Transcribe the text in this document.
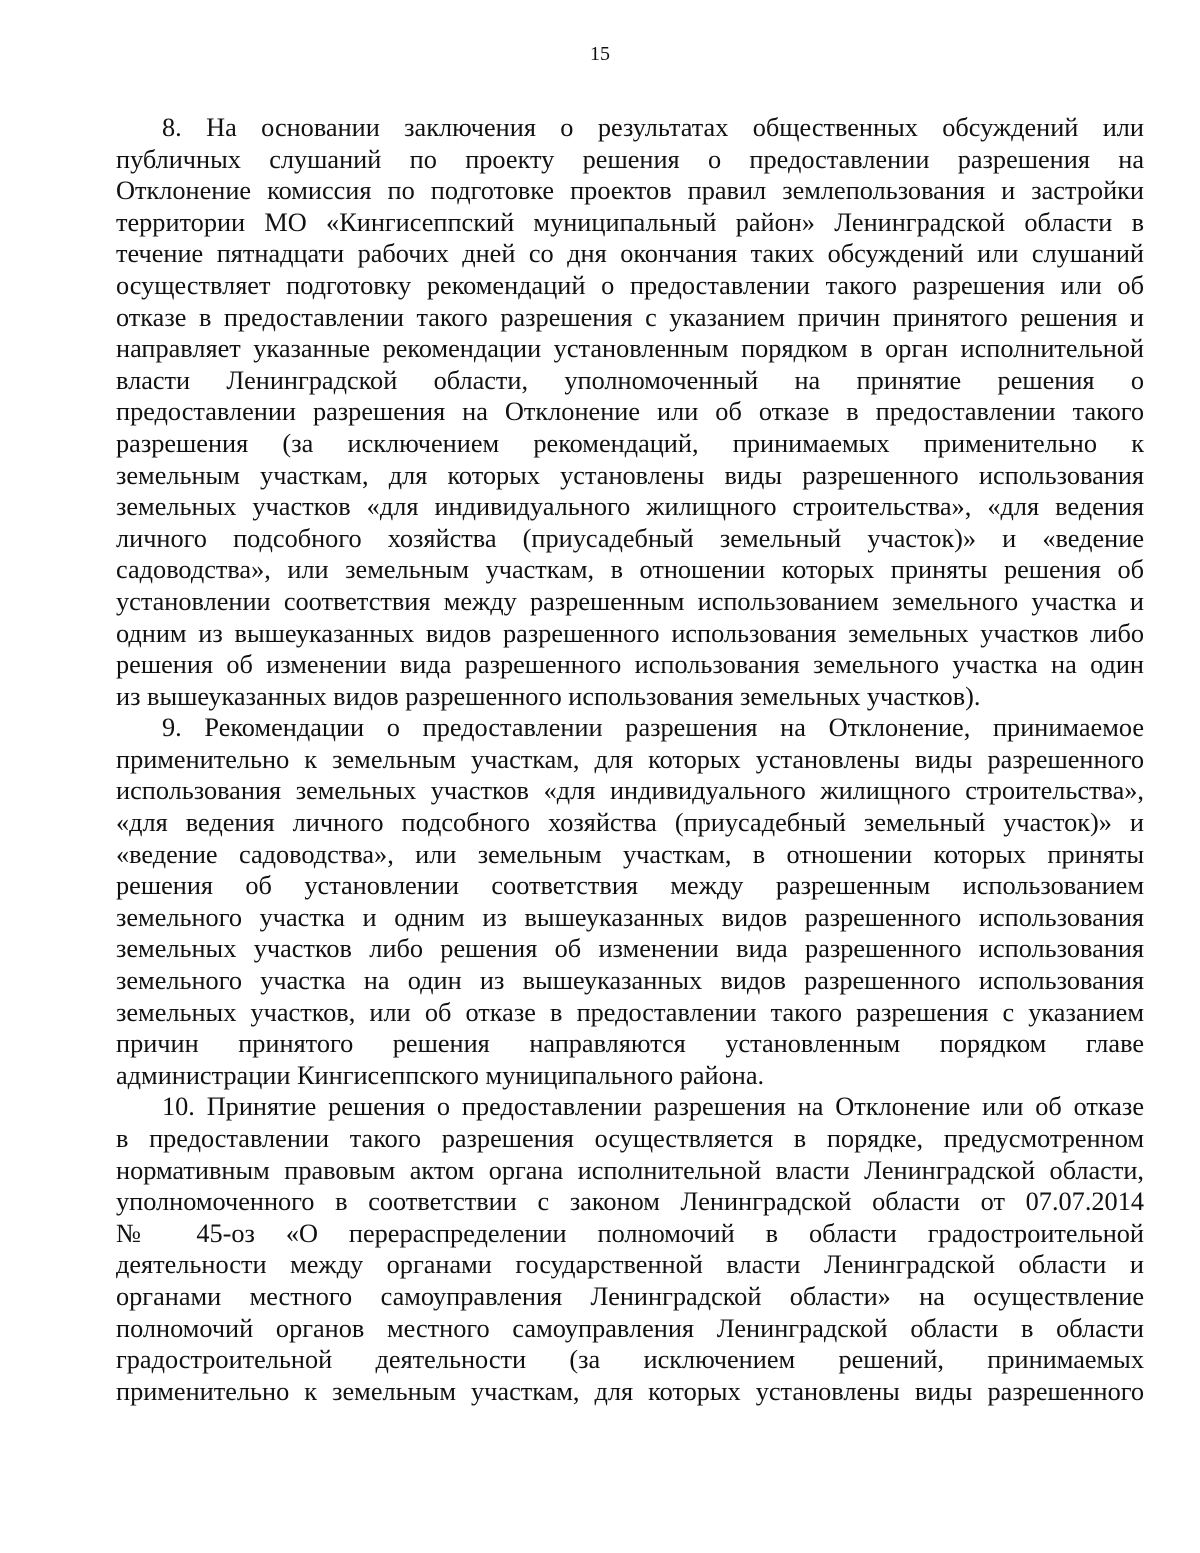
15

8. На основании заключения о результатах общественных обсуждений или
публичных слушаний по проекту решения о предоставлении разрешения на
Отклонение комиссия по подготовке проектов правил землепользования и застройки
территории МО «Кингисеппский муниципальный район» Ленинградской области в
течение пятнадцати рабочих дней со дня окончания таких обсуждений или слушаний
осуществляет подготовку рекомендаций о предоставлении такого разрешения или об
отказе в предоставлении такого разрешения с указанием причин принятого решения и
направляет указанные рекомендации установленным порядком в орган исполнительной
власти Ленинградской области, уполномоченный на принятие решения о
предоставлении разрешения на Отклонение или об отказе в предоставлении такого
разрешения (за исключением рекомендаций, принимаемых применительно к
земельным участкам, для которых установлены виды разрешенного использования
земельных участков «для индивидуального жилищного строительства», «для ведения
личного подсобного хозяйства (приусадебный земельный участок)» и «ведение
садоводства», или земельным участкам, в отношении которых приняты решения об
установлении соответствия между разрешенным использованием земельного участка и
одним из вышеуказанных видов разрешенного использования земельных участков либо
решения об изменении вида разрешенного использования земельного участка на один
из вышеуказанных видов разрешенного использования земельных участков).

9. Рекомендации о предоставлении разрешения на Отклонение, принимаемое
применительно к земельным участкам, для которых установлены виды разрешенного
использования земельных участков «для индивидуального жилищного строительства»,
«для ведения личного подсобного хозяйства (приусадебный земельный участок)» и
«ведение садоводства», или земельным участкам, в отношении которых приняты
решения об установлении соответствия между разрешенным использованием
земельного участка и одним из вышеуказанных видов разрешенного использования
земельных участков либо решения об изменении вида разрешенного использования
земельного участка на один из вышеуказанных видов разрешенного использования
земельных участков, или об отказе в предоставлении такого разрешения с указанием
причин принятого решения направляются установленным порядком главе
администрации Кингисеппского муниципального района.

10. Принятие решения о предоставлении разрешения на Отклонение или об отказе
в предоставлении такого разрешения осуществляется в порядке, предусмотренном
нормативным правовым актом органа исполнительной власти Ленинградской области,
уполномоченного в соответствии с законом Ленинградской области от 07.07.2014
№ 45-оз «О перераспределении полномочий в области градостроительной
деятельности между органами государственной власти Ленинградской области и
органами местного самоуправления Ленинградской области» на осуществление
полномочий органов местного самоуправления Ленинградской области в области
градостроительной деятельности (за исключением решений, принимаемых
применительно к земельным участкам, для которых установлены виды разрешенного
